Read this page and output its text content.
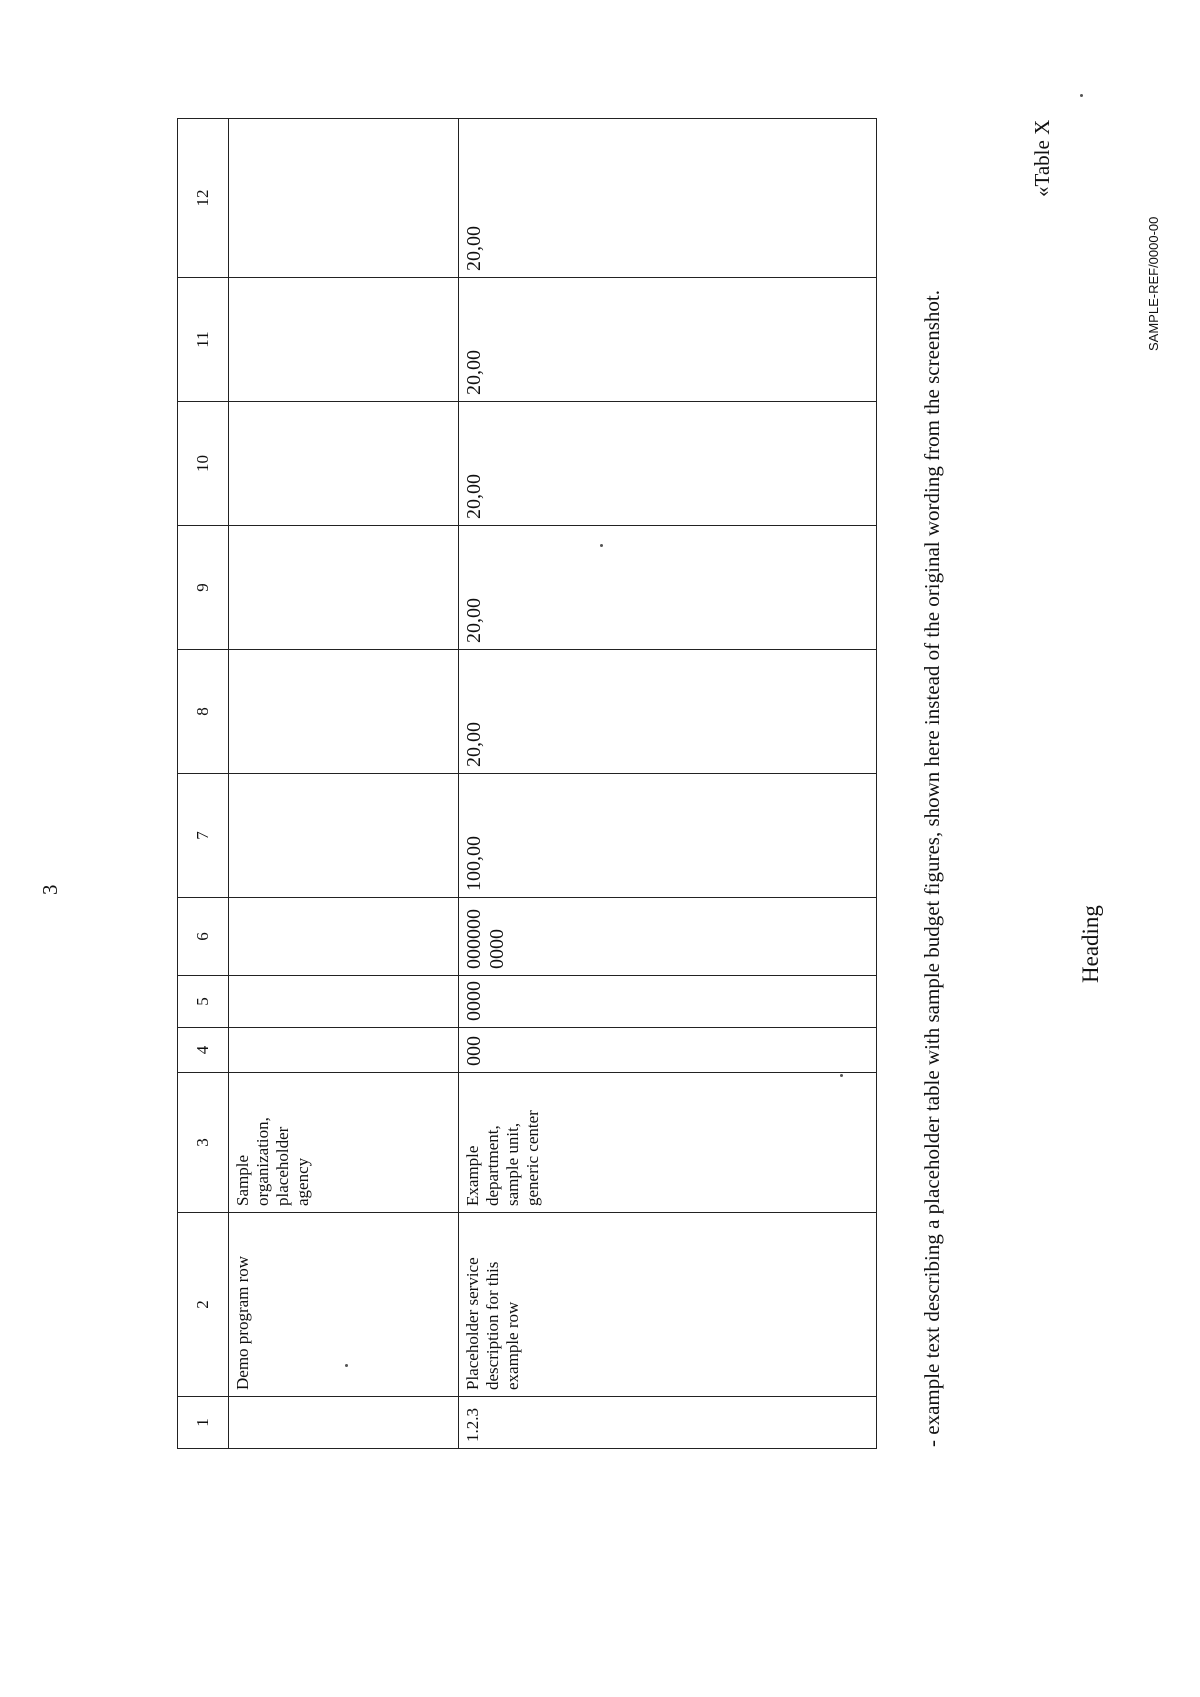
3
1	2	3	4	5	6	7	8	9	10	11	12
	Demo program row	Sample organization, placeholder agency									
1.2.3	Placeholder service description for this example row	Example department, sample unit, generic center	000	0000	000000 0000	100,00	20,00	20,00	20,00	20,00	20,00

- example text describing a placeholder table with sample budget figures, shown here instead of the original wording from the screenshot.

«Table X
Heading
SAMPLE-REF/0000-00
